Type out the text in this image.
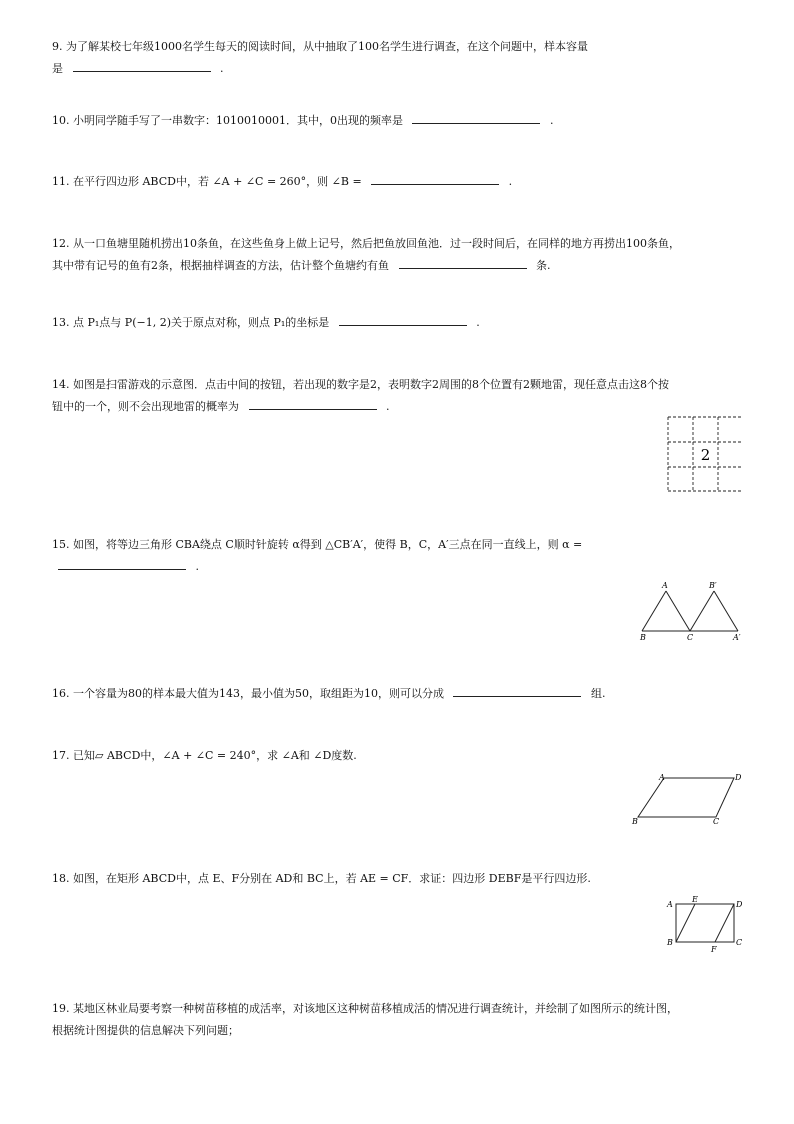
9. 为了解某校七年级1000名学生每天的阅读时间，从中抽取了100名学生进行调查，在这个问题中，样本容量
是	.
10. 小明同学随手写了一串数字：1010010001．其中，0出现的频率是	.
11. 在平行四边形 ABCD中，若 ∠A + ∠C = 260°，则 ∠B =	.
12. 从一口鱼塘里随机捞出10条鱼，在这些鱼身上做上记号，然后把鱼放回鱼池．过一段时间后，在同样的地方再捞出100条鱼，
其中带有记号的鱼有2条，根据抽样调查的方法，估计整个鱼塘约有鱼	条.
13. 点 P₁点与 P(−1, 2)关于原点对称，则点 P₁的坐标是	.
14. 如图是扫雷游戏的示意图．点击中间的按钮，若出现的数字是2，表明数字2周围的8个位置有2颗地雷，现任意点击这8个按
钮中的一个，则不会出现地雷的概率为	.
2
15. 如图，将等边三角形 CBA绕点 C顺时针旋转 α得到 △CB′A′，使得 B，C，A′三点在同一直线上，则 α =
.
A	B′
B	C	A′
16. 一个容量为80的样本最大值为143，最小值为50，取组距为10，则可以分成	组.
17. 已知▱ ABCD中，∠A + ∠C = 240°，求 ∠A和 ∠D度数.
A	D
B	C
18. 如图，在矩形 ABCD中，点 E、F分别在 AD和 BC上，若 AE = CF．求证：四边形 DEBF是平行四边形.
E
A	D
B	C
F
19. 某地区林业局要考察一种树苗移植的成活率，对该地区这种树苗移植成活的情况进行调查统计，并绘制了如图所示的统计图，
根据统计图提供的信息解决下列问题；
